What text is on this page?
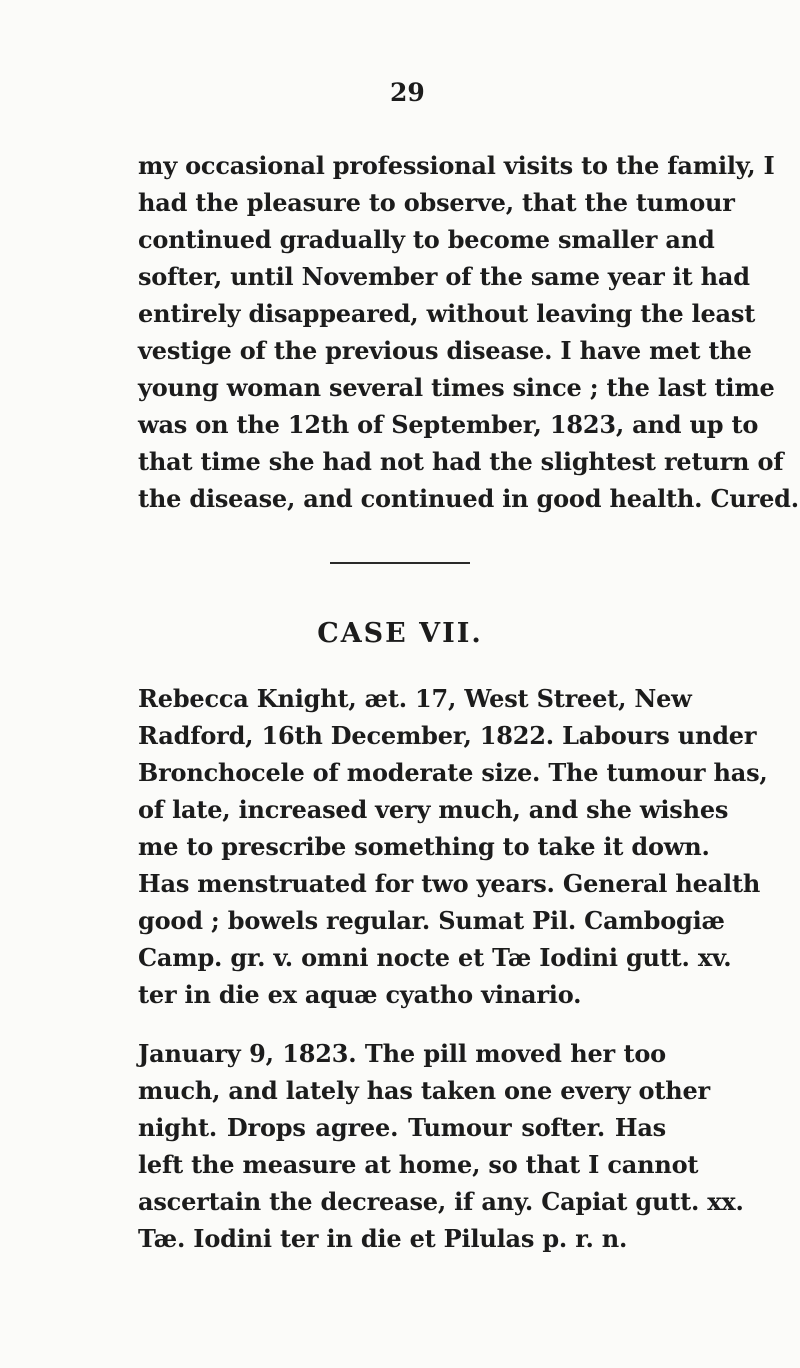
29
my occasional professional visits to the family, I
had the pleasure to observe, that the tumour
continued gradually to become smaller and
softer, until November of the same year it had
entirely disappeared, without leaving the least
vestige of the previous disease. I have met the
young woman several times since ; the last time
was on the 12th of September, 1823, and up to
that time she had not had the slightest return of
the disease, and continued in good health. Cured.
CASE VII.
Rebecca Knight, æt. 17, West Street, New
Radford, 16th December, 1822. Labours under
Bronchocele of moderate size. The tumour has,
of late, increased very much, and she wishes
me to prescribe something to take it down.
Has menstruated for two years. General health
good ; bowels regular. Sumat Pil. Cambogiæ
Camp. gr. v. omni nocte et Tæ Iodini gutt. xv.
ter in die ex aquæ cyatho vinario.
January 9, 1823. The pill moved her too
much, and lately has taken one every other
night. Drops agree. Tumour softer. Has
left the measure at home, so that I cannot
ascertain the decrease, if any. Capiat gutt. xx.
Tæ. Iodini ter in die et Pilulas p. r. n.
